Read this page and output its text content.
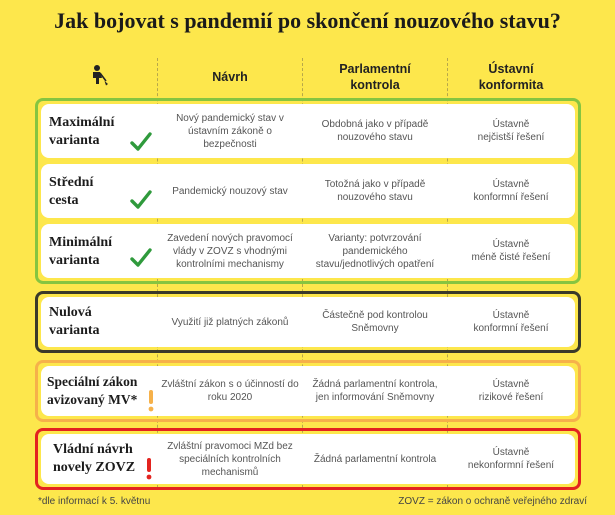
Jak bojovat s pandemií po skončení nouzového stavu?
Návrh
Parlamentní
kontrola
Ústavní
konformita
Maximální
varianta
Nový pandemický stav v ústavním zákoně o bezpečnosti
Obdobná jako v případě nouzového stavu
Ústavně
nejčistší řešení
Střední
cesta
Pandemický nouzový stav
Totožná jako v případě nouzového stavu
Ústavně
konformní řešení
Minimální
varianta
Zavedení nových pravomocí vlády v ZOVZ s vhodnými kontrolními mechanismy
Varianty: potvrzování pandemického stavu/jednotlivých opatření
Ústavně
méně čisté řešení
Nulová
varianta
Využití již platných zákonů
Částečně pod kontrolou Sněmovny
Ústavně
konformní řešení
Speciální zákon
avizovaný MV*
Zvláštní zákon s o účinností do roku 2020
Žádná parlamentní kontrola, jen informování Sněmovny
Ústavně
rizikové řešení
Vládní návrh
novely ZOVZ
Zvláštní pravomoci MZd bez speciálních kontrolních mechanismů
Žádná parlamentní kontrola
Ústavně
nekonformní řešení
*dle informací k 5. květnu	ZOVZ = zákon o ochraně veřejného zdraví
